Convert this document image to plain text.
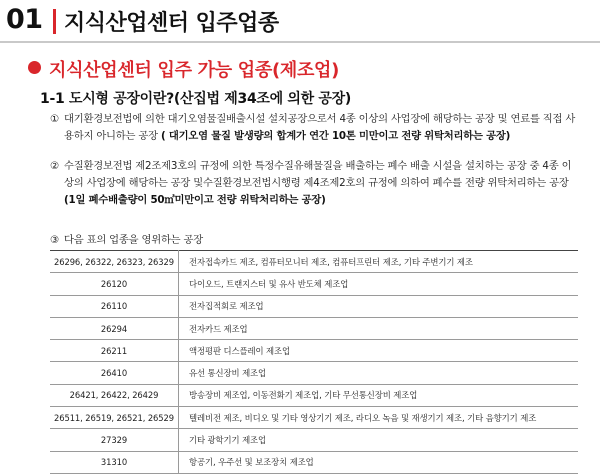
01 지식산업센터 입주업종
지식산업센터 입주 가능 업종(제조업)
1-1 도시형 공장이란?(산집법 제34조에 의한 공장)
① 대기환경보전법에 의한 대기오염물질배출시설 설치공장으로서 4종 이상의 사업장에 해당하는 공장 및 연료를 직접 사용하지 아니하는 공장 ( 대기오염 물질 발생량의 합계가 연간 10톤 미만이고 전량 위탁처리하는 공장)
② 수질환경보전법 제2조제3호의 규정에 의한 특정수질유해물질을 배출하는 폐수 배출 시설을 설치하는 공장 중 4종 이상의 사업장에 해당하는 공장 및수질환경보전법시행령 제4조제2호의 규정에 의하여 폐수를 전량 위탁처리하는 공장
(1일 폐수배출량이 50㎥미만이고 전량 위탁처리하는 공장)
③ 다음 표의 업종을 영위하는 공장
26296, 26322, 26323, 26329	전자접속카드 제조, 컴퓨터모니터 제조, 컴퓨터프린터 제조, 기타 주변기기 제조
26120	다이오드, 트랜지스터 및 유사 반도체 제조업
26110	전자집적회로 제조업
26294	전자카드 제조업
26211	액정평판 디스플레이 제조업
26410	유선 통신장비 제조업
26421, 26422, 26429	방송장비 제조업, 이동전화기 제조업, 기타 무선통신장비 제조업
26511, 26519, 26521, 26529	텔레비전 제조, 비디오 및 기타 영상기기 제조, 라디오 녹음 및 재생기기 제조, 기타 음향기기 제조
27329	기타 광학기기 제조업
31310	항공기, 우주선 및 보조장치 제조업
